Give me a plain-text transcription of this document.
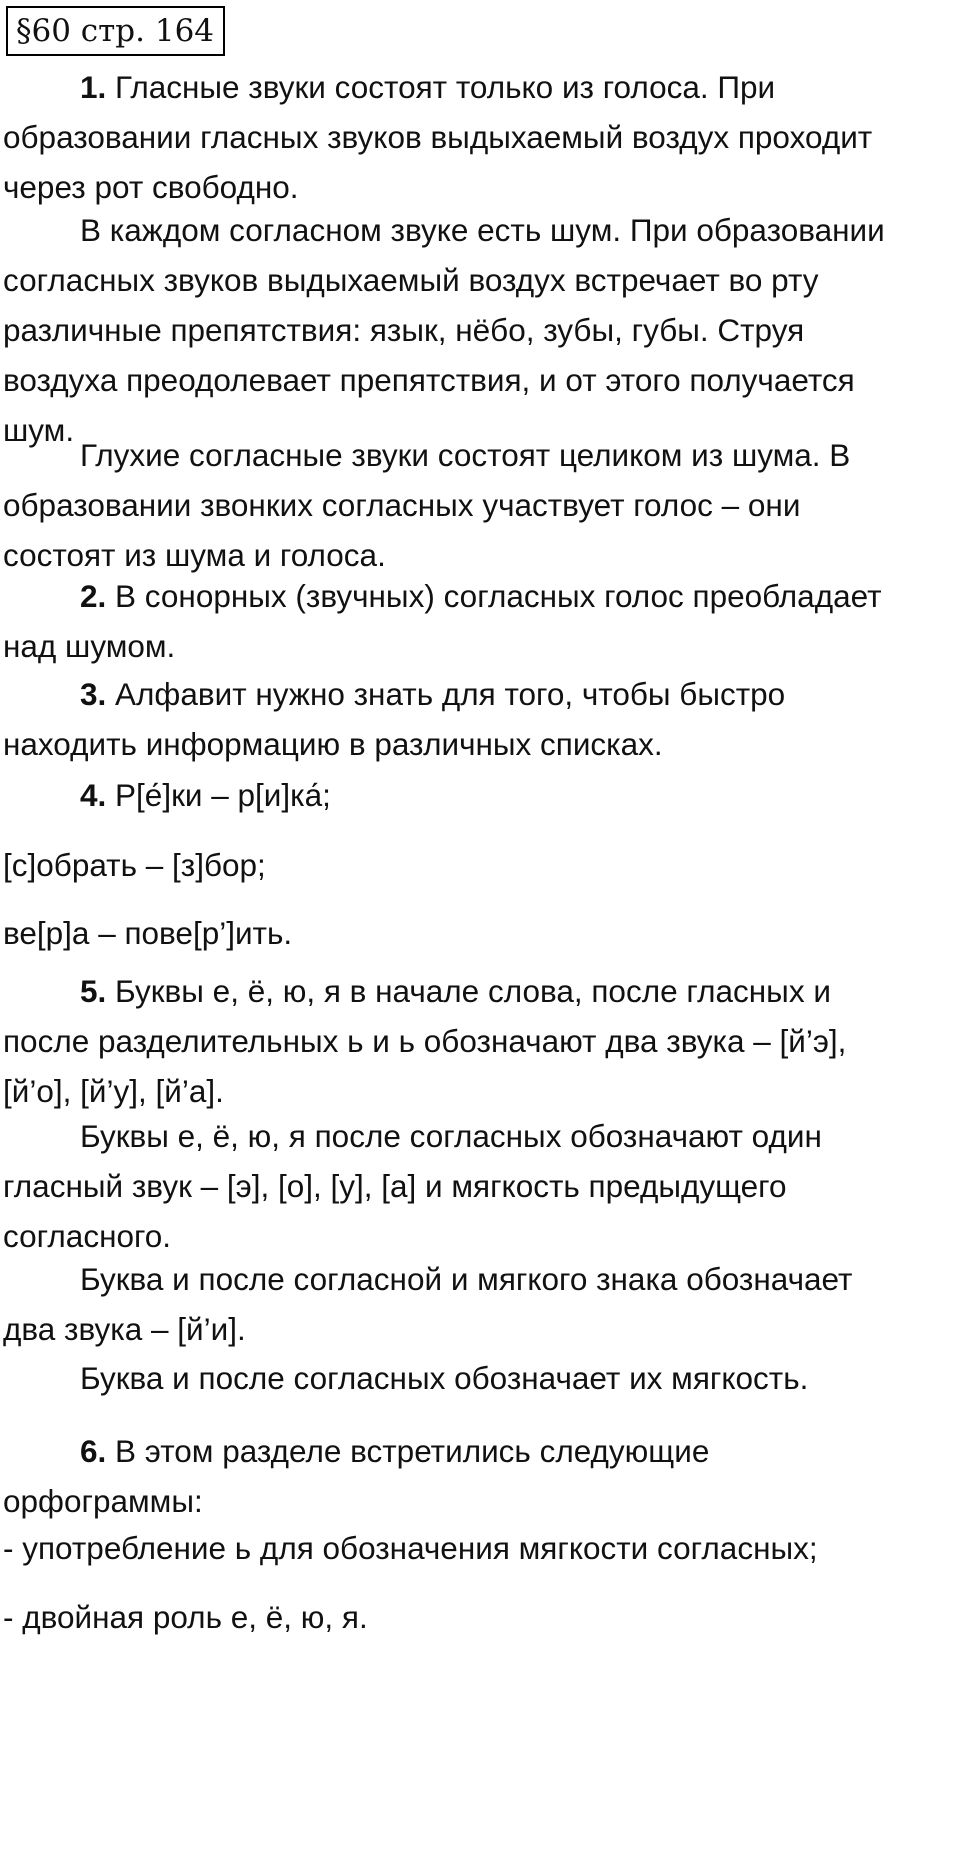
§60 стр. 164

1. Гласные звуки состоят только из голоса. При
образовании гласных звуков выдыхаемый воздух проходит
через рот свободно.

В каждом согласном звуке есть шум. При образовании
согласных звуков выдыхаемый воздух встречает во рту
различные препятствия: язык, нёбо, зубы, губы. Струя
воздуха преодолевает препятствия, и от этого получается
шум.

Глухие согласные звуки состоят целиком из шума. В
образовании звонких согласных участвует голос – они
состоят из шума и голоса.

2. В сонорных (звучных) согласных голос преобладает
над шумом.

3. Алфавит нужно знать для того, чтобы быстро
находить информацию в различных списках.

4. Р[е́]ки – р[и]ка́;

[с]обрать – [з]бор;

ве[р]а – пове[р’]ить.

5. Буквы е, ё, ю, я в начале слова, после гласных и
после разделительных ь и ь обозначают два звука – [й’э],
[й’о], [й’у], [й’а].

Буквы е, ё, ю, я после согласных обозначают один
гласный звук – [э], [о], [у], [а] и мягкость предыдущего
согласного.

Буква и после согласной и мягкого знака обозначает
два звука – [й’и].

Буква и после согласных обозначает их мягкость.

6. В этом разделе встретились следующие
орфограммы:

- употребление ь для обозначения мягкости согласных;

- двойная роль е, ё, ю, я.
